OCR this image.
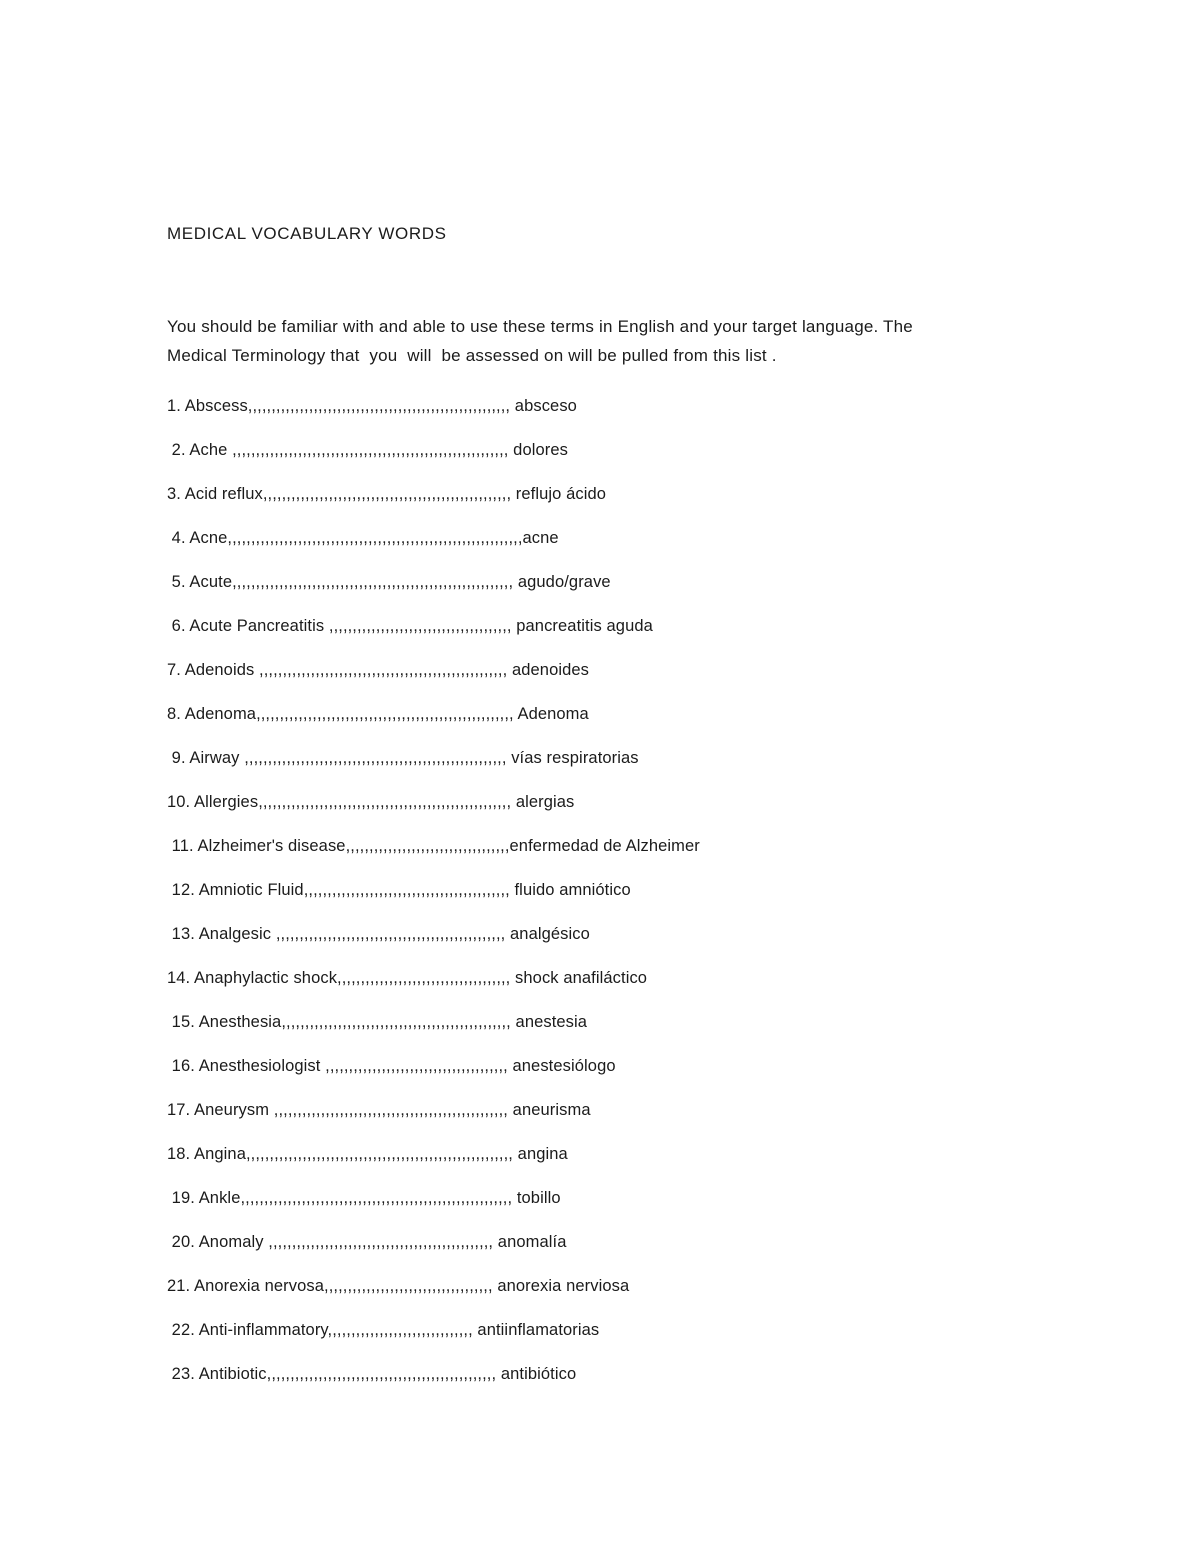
MEDICAL VOCABULARY WORDS

You should be familiar with and able to use these terms in English and your target language. The
Medical Terminology that  you  will  be assessed on will be pulled from this list .

1. Abscess,,,,,,,,,,,,,,,,,,,,,,,,,,,,,,,,,,,,,,,,,,,,,,,,,,,,,,,, absceso
2. Ache ,,,,,,,,,,,,,,,,,,,,,,,,,,,,,,,,,,,,,,,,,,,,,,,,,,,,,,,,,,, dolores
3. Acid reflux,,,,,,,,,,,,,,,,,,,,,,,,,,,,,,,,,,,,,,,,,,,,,,,,,,,,, reflujo ácido
4. Acne,,,,,,,,,,,,,,,,,,,,,,,,,,,,,,,,,,,,,,,,,,,,,,,,,,,,,,,,,,,,,,,acne
5. Acute,,,,,,,,,,,,,,,,,,,,,,,,,,,,,,,,,,,,,,,,,,,,,,,,,,,,,,,,,,,, agudo/grave
6. Acute Pancreatitis ,,,,,,,,,,,,,,,,,,,,,,,,,,,,,,,,,,,,,,, pancreatitis aguda
7. Adenoids ,,,,,,,,,,,,,,,,,,,,,,,,,,,,,,,,,,,,,,,,,,,,,,,,,,,,, adenoides
8. Adenoma,,,,,,,,,,,,,,,,,,,,,,,,,,,,,,,,,,,,,,,,,,,,,,,,,,,,,,, Adenoma
9. Airway ,,,,,,,,,,,,,,,,,,,,,,,,,,,,,,,,,,,,,,,,,,,,,,,,,,,,,,,, vías respiratorias
10. Allergies,,,,,,,,,,,,,,,,,,,,,,,,,,,,,,,,,,,,,,,,,,,,,,,,,,,,,, alergias
11. Alzheimer's disease,,,,,,,,,,,,,,,,,,,,,,,,,,,,,,,,,,,enfermedad de Alzheimer
12. Amniotic Fluid,,,,,,,,,,,,,,,,,,,,,,,,,,,,,,,,,,,,,,,,,,,, fluido amniótico
13. Analgesic ,,,,,,,,,,,,,,,,,,,,,,,,,,,,,,,,,,,,,,,,,,,,,,,,, analgésico
14. Anaphylactic shock,,,,,,,,,,,,,,,,,,,,,,,,,,,,,,,,,,,,, shock anafiláctico
15. Anesthesia,,,,,,,,,,,,,,,,,,,,,,,,,,,,,,,,,,,,,,,,,,,,,,,,, anestesia
16. Anesthesiologist ,,,,,,,,,,,,,,,,,,,,,,,,,,,,,,,,,,,,,,, anestesiólogo
17. Aneurysm ,,,,,,,,,,,,,,,,,,,,,,,,,,,,,,,,,,,,,,,,,,,,,,,,,, aneurisma
18. Angina,,,,,,,,,,,,,,,,,,,,,,,,,,,,,,,,,,,,,,,,,,,,,,,,,,,,,,,,, angina
19. Ankle,,,,,,,,,,,,,,,,,,,,,,,,,,,,,,,,,,,,,,,,,,,,,,,,,,,,,,,,,, tobillo
20. Anomaly ,,,,,,,,,,,,,,,,,,,,,,,,,,,,,,,,,,,,,,,,,,,,,,,, anomalía
21. Anorexia nervosa,,,,,,,,,,,,,,,,,,,,,,,,,,,,,,,,,,,, anorexia nerviosa
22. Anti-inflammatory,,,,,,,,,,,,,,,,,,,,,,,,,,,,,,, antiinflamatorias
23. Antibiotic,,,,,,,,,,,,,,,,,,,,,,,,,,,,,,,,,,,,,,,,,,,,,,,,, antibiótico
